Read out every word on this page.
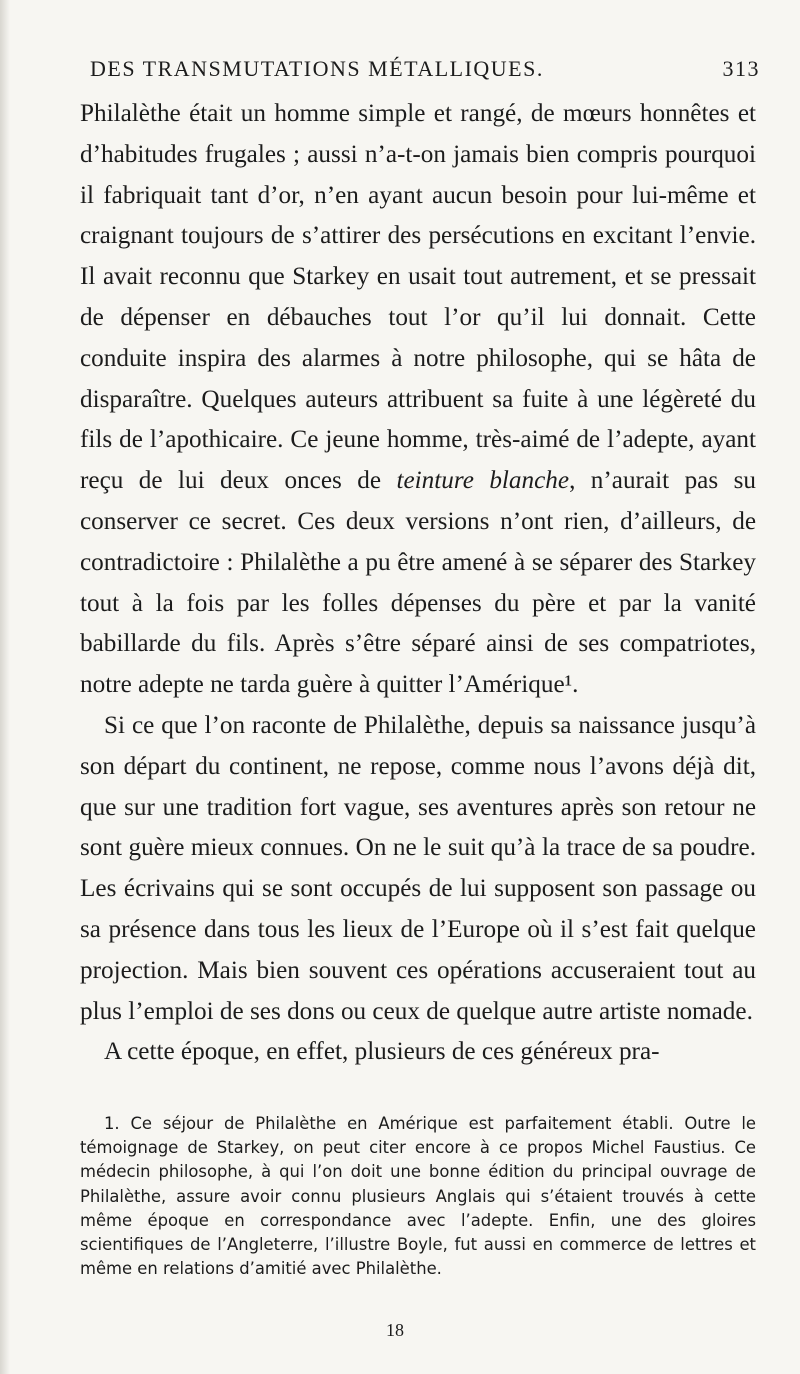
DES TRANSMUTATIONS MÉTALLIQUES.	313

Philalèthe était un homme simple et rangé, de mœurs honnêtes et d’habitudes frugales ; aussi n’a-t-on jamais bien compris pourquoi il fabriquait tant d’or, n’en ayant aucun besoin pour lui-même et craignant toujours de s’attirer des persécutions en excitant l’envie. Il avait reconnu que Starkey en usait tout autrement, et se pressait de dépenser en débauches tout l’or qu’il lui donnait. Cette conduite inspira des alarmes à notre philosophe, qui se hâta de disparaître. Quelques auteurs attribuent sa fuite à une légèreté du fils de l’apothicaire. Ce jeune homme, très-aimé de l’adepte, ayant reçu de lui deux onces de teinture blanche, n’aurait pas su conserver ce secret. Ces deux versions n’ont rien, d’ailleurs, de contradictoire : Philalèthe a pu être amené à se séparer des Starkey tout à la fois par les folles dépenses du père et par la vanité babillarde du fils. Après s’être séparé ainsi de ses compatriotes, notre adepte ne tarda guère à quitter l’Amérique¹.

Si ce que l’on raconte de Philalèthe, depuis sa naissance jusqu’à son départ du continent, ne repose, comme nous l’avons déjà dit, que sur une tradition fort vague, ses aventures après son retour ne sont guère mieux connues. On ne le suit qu’à la trace de sa poudre. Les écrivains qui se sont occupés de lui supposent son passage ou sa présence dans tous les lieux de l’Europe où il s’est fait quelque projection. Mais bien souvent ces opérations accuseraient tout au plus l’emploi de ses dons ou ceux de quelque autre artiste nomade.

A cette époque, en effet, plusieurs de ces généreux pra-

1. Ce séjour de Philalèthe en Amérique est parfaitement établi. Outre le témoignage de Starkey, on peut citer encore à ce propos Michel Faustius. Ce médecin philosophe, à qui l’on doit une bonne édition du principal ouvrage de Philalèthe, assure avoir connu plusieurs Anglais qui s’étaient trouvés à cette même époque en correspondance avec l’adepte. Enfin, une des gloires scientifiques de l’Angleterre, l’illustre Boyle, fut aussi en commerce de lettres et même en relations d’amitié avec Philalèthe.

18
